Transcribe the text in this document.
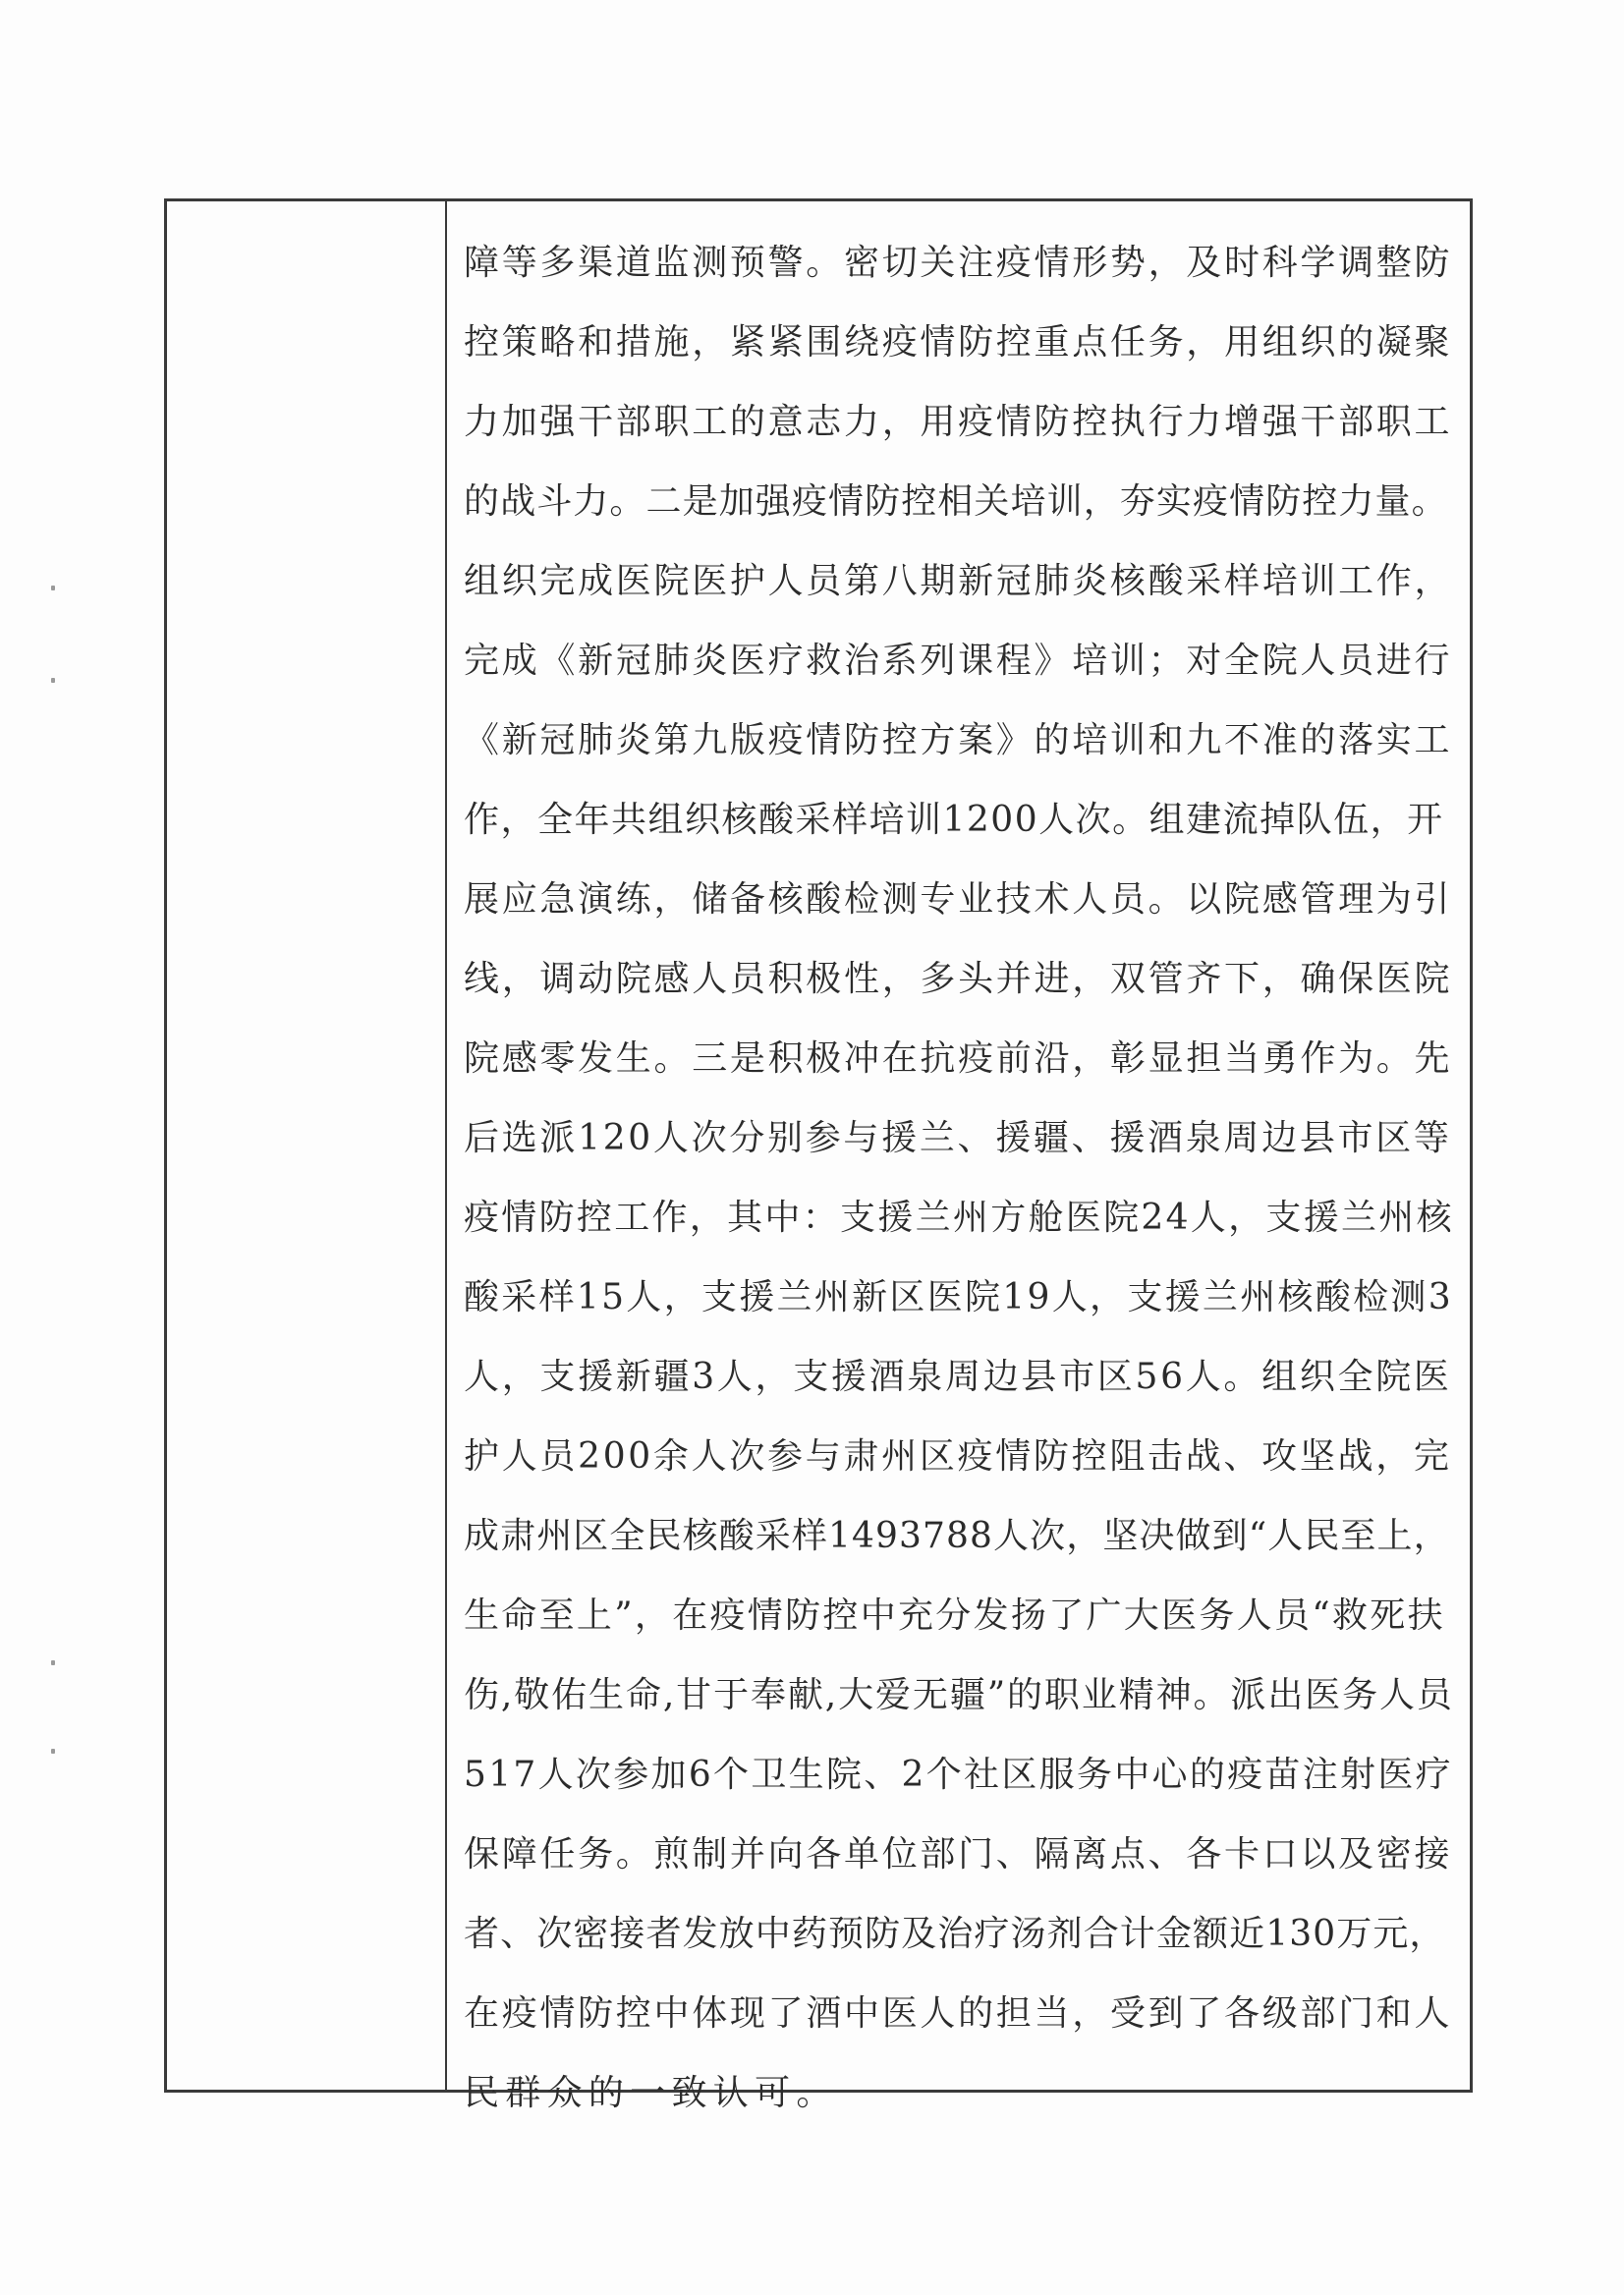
障等多渠道监测预警。密切关注疫情形势，及时科学调整防
控策略和措施，紧紧围绕疫情防控重点任务，用组织的凝聚
力加强干部职工的意志力，用疫情防控执行力增强干部职工
的战斗力。二是加强疫情防控相关培训，夯实疫情防控力量。
组织完成医院医护人员第八期新冠肺炎核酸采样培训工作，
完成《新冠肺炎医疗救治系列课程》培训；对全院人员进行
《新冠肺炎第九版疫情防控方案》的培训和九不准的落实工
作，全年共组织核酸采样培训1200人次。组建流掉队伍，开
展应急演练，储备核酸检测专业技术人员。以院感管理为引
线，调动院感人员积极性，多头并进，双管齐下，确保医院
院感零发生。三是积极冲在抗疫前沿，彰显担当勇作为。先
后选派120人次分别参与援兰、援疆、援酒泉周边县市区等
疫情防控工作，其中：支援兰州方舱医院24人，支援兰州核
酸采样15人，支援兰州新区医院19人，支援兰州核酸检测3
人，支援新疆3人，支援酒泉周边县市区56人。组织全院医
护人员200余人次参与肃州区疫情防控阻击战、攻坚战，完
成肃州区全民核酸采样1493788人次，坚决做到“人民至上，
生命至上”，在疫情防控中充分发扬了广大医务人员“救死扶
伤,敬佑生命,甘于奉献,大爱无疆”的职业精神。派出医务人员
517人次参加6个卫生院、2个社区服务中心的疫苗注射医疗
保障任务。煎制并向各单位部门、隔离点、各卡口以及密接
者、次密接者发放中药预防及治疗汤剂合计金额近130万元，
在疫情防控中体现了酒中医人的担当，受到了各级部门和人
民群众的一致认可。
